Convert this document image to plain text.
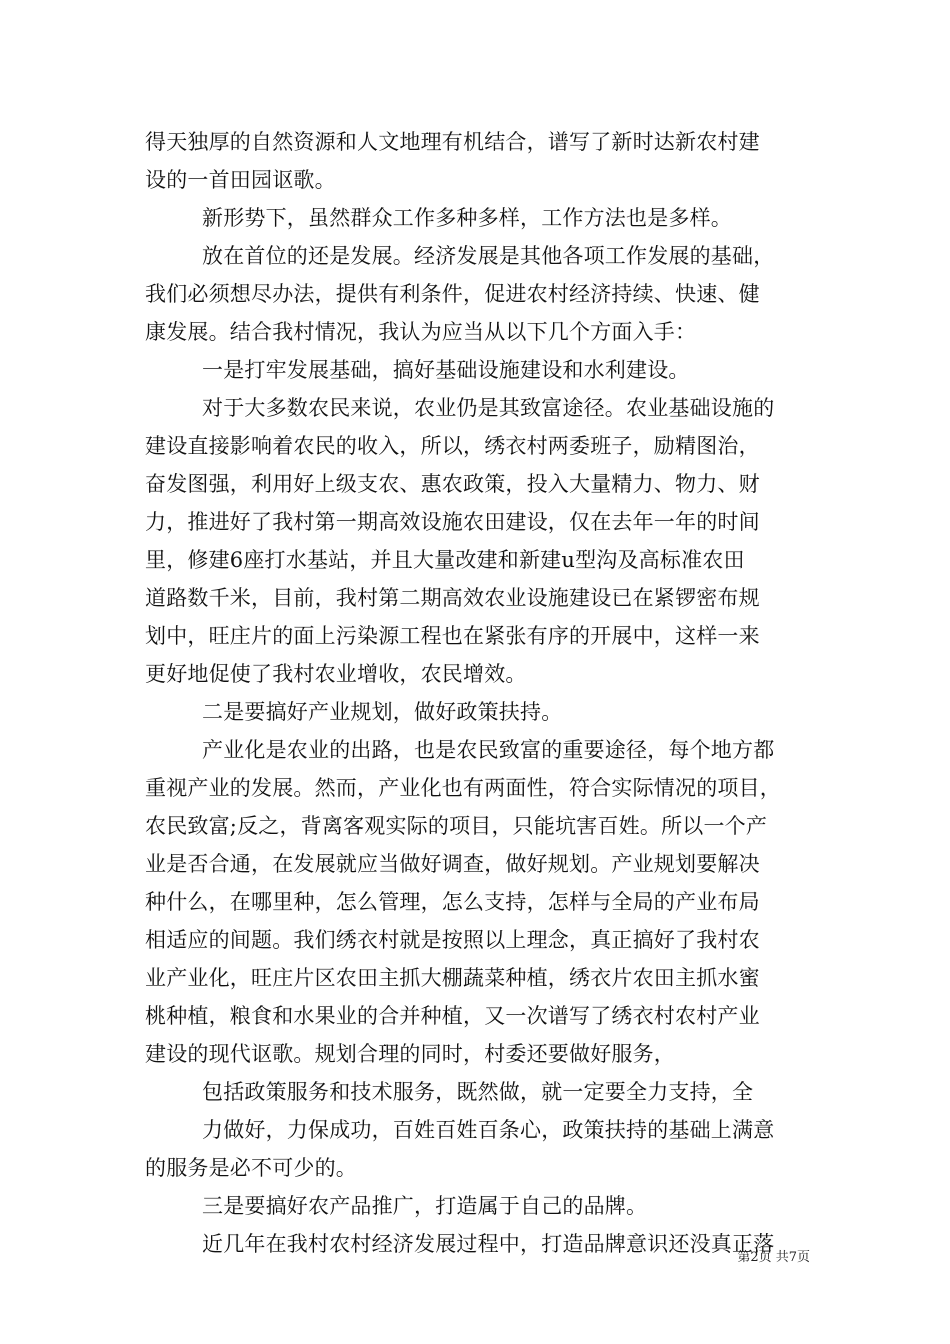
得天独厚的自然资源和人文地理有机结合，谱写了新时达新农村建
设的一首田园讴歌。
新形势下，虽然群众工作多种多样，工作方法也是多样。
放在首位的还是发展。经济发展是其他各项工作发展的基础，
我们必须想尽办法，提供有利条件，促进农村经济持续、快速、健
康发展。结合我村情况，我认为应当从以下几个方面入手：
一是打牢发展基础，搞好基础设施建设和水利建设。
对于大多数农民来说，农业仍是其致富途径。农业基础设施的
建设直接影响着农民的收入，所以，绣衣村两委班子，励精图治，
奋发图强，利用好上级支农、惠农政策，投入大量精力、物力、财
力，推进好了我村第一期高效设施农田建设，仅在去年一年的时间
里，修建6座打水基站，并且大量改建和新建u型沟及高标准农田
道路数千米，目前，我村第二期高效农业设施建设已在紧锣密布规
划中，旺庄片的面上污染源工程也在紧张有序的开展中，这样一来
更好地促使了我村农业增收，农民增效。
二是要搞好产业规划，做好政策扶持。
产业化是农业的出路，也是农民致富的重要途径，每个地方都
重视产业的发展。然而，产业化也有两面性，符合实际情况的项目，
农民致富;反之，背离客观实际的项目，只能坑害百姓。所以一个产
业是否合通，在发展就应当做好调查，做好规划。产业规划要解决
种什么，在哪里种，怎么管理，怎么支持，怎样与全局的产业布局
相适应的间题。我们绣衣村就是按照以上理念，真正搞好了我村农
业产业化，旺庄片区农田主抓大棚蔬菜种植，绣衣片农田主抓水蜜
桃种植，粮食和水果业的合并种植，又一次谱写了绣衣村农村产业
建设的现代讴歌。规划合理的同时，村委还要做好服务，
包括政策服务和技术服务，既然做，就一定要全力支持，全
力做好，力保成功，百姓百姓百条心，政策扶持的基础上满意
的服务是必不可少的。
三是要搞好农产品推广，打造属于自己的品牌。
近几年在我村农村经济发展过程中，打造品牌意识还没真正落
第2页 共7页
